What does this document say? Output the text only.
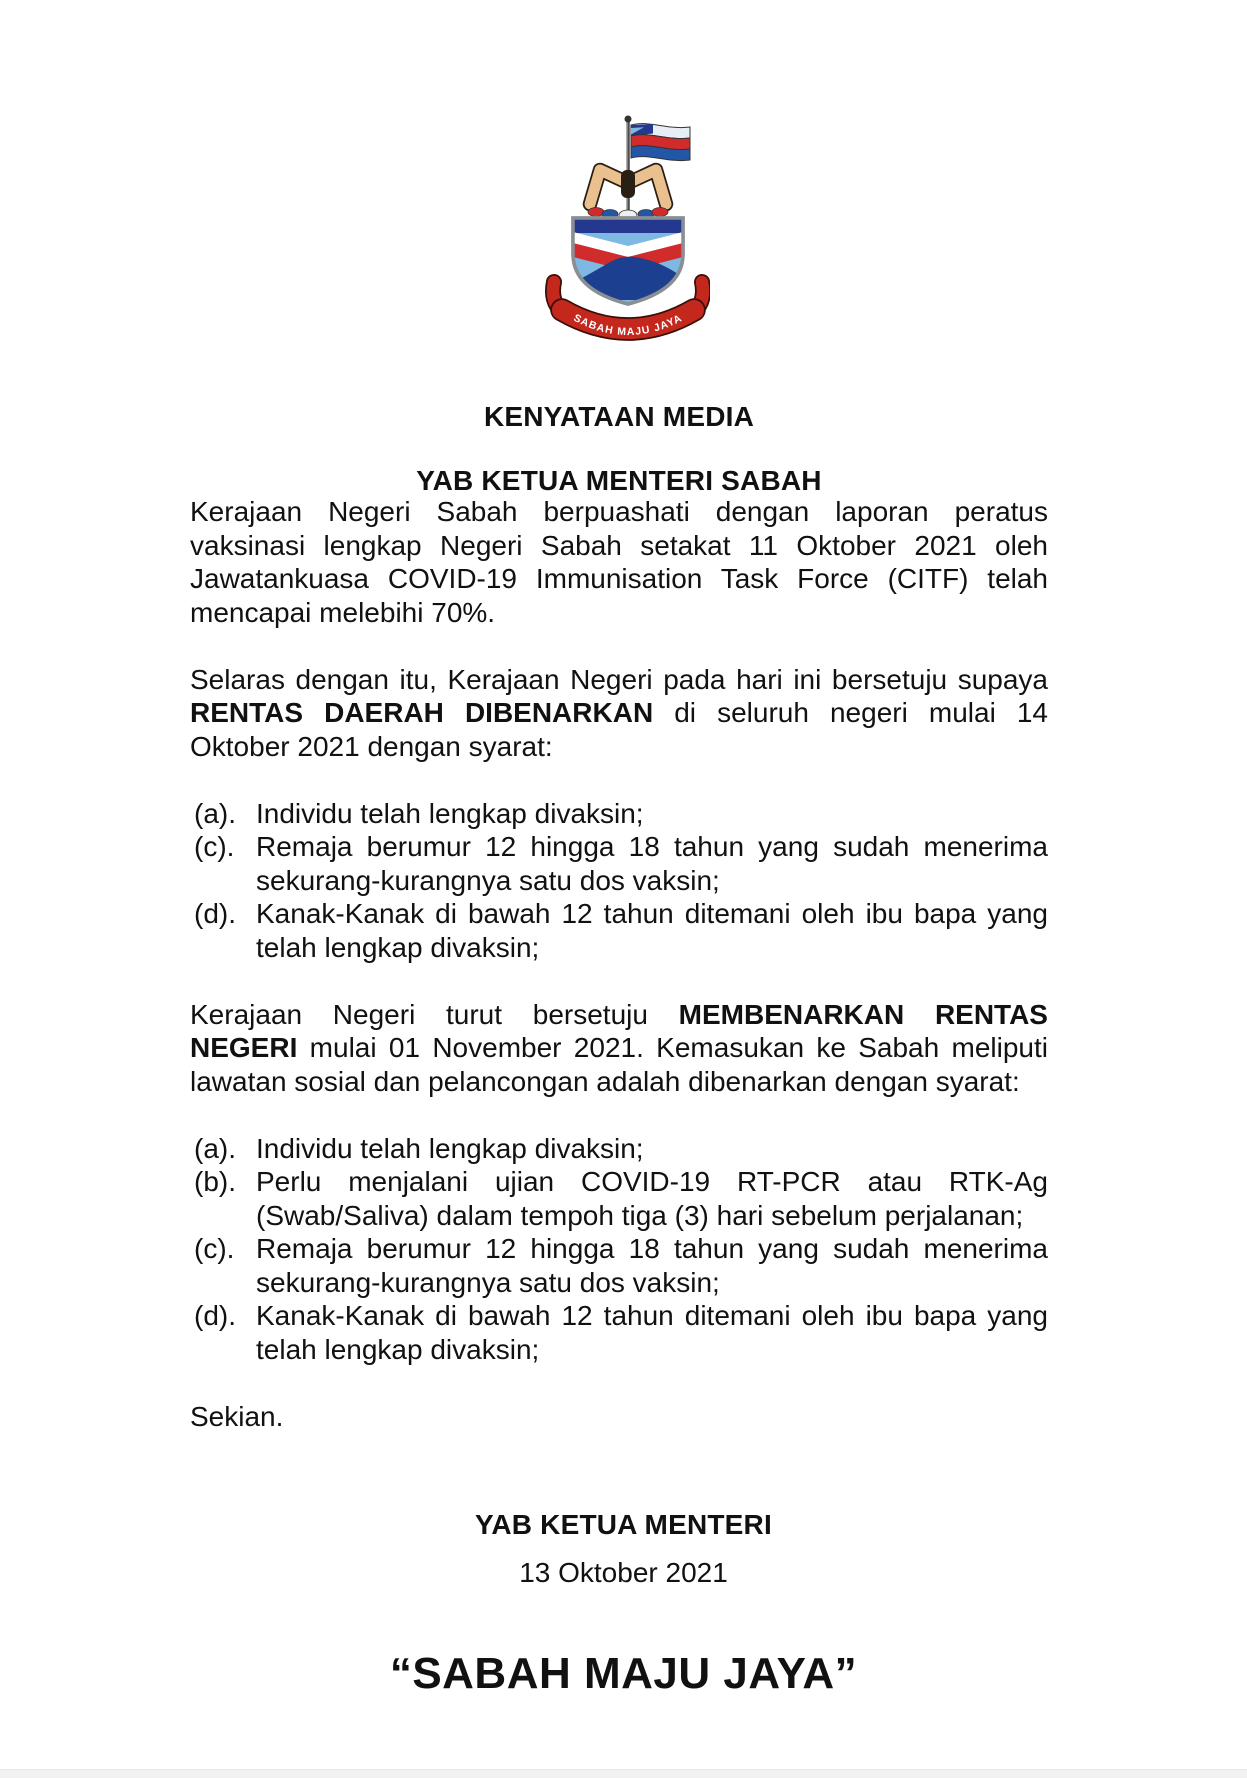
SABAH MAJU JAYA

KENYATAAN MEDIA

YAB KETUA MENTERI SABAH

Kerajaan Negeri Sabah berpuashati dengan laporan peratus vaksinasi lengkap Negeri Sabah setakat 11 Oktober 2021 oleh Jawatankuasa COVID-19 Immunisation Task Force (CITF) telah mencapai melebihi 70%.

Selaras dengan itu, Kerajaan Negeri pada hari ini bersetuju supaya RENTAS DAERAH DIBENARKAN di seluruh negeri mulai 14 Oktober 2021 dengan syarat:

(a). Individu telah lengkap divaksin;
(c). Remaja berumur 12 hingga 18 tahun yang sudah menerima sekurang-kurangnya satu dos vaksin;
(d). Kanak-Kanak di bawah 12 tahun ditemani oleh ibu bapa yang telah lengkap divaksin;

Kerajaan Negeri turut bersetuju MEMBENARKAN RENTAS NEGERI mulai 01 November 2021. Kemasukan ke Sabah meliputi lawatan sosial dan pelancongan adalah dibenarkan dengan syarat:

(a). Individu telah lengkap divaksin;
(b). Perlu menjalani ujian COVID-19 RT-PCR atau RTK-Ag (Swab/Saliva) dalam tempoh tiga (3) hari sebelum perjalanan;
(c). Remaja berumur 12 hingga 18 tahun yang sudah menerima sekurang-kurangnya satu dos vaksin;
(d). Kanak-Kanak di bawah 12 tahun ditemani oleh ibu bapa yang telah lengkap divaksin;
Sekian.
YAB KETUA MENTERI
13 Oktober 2021
“SABAH MAJU JAYA”
